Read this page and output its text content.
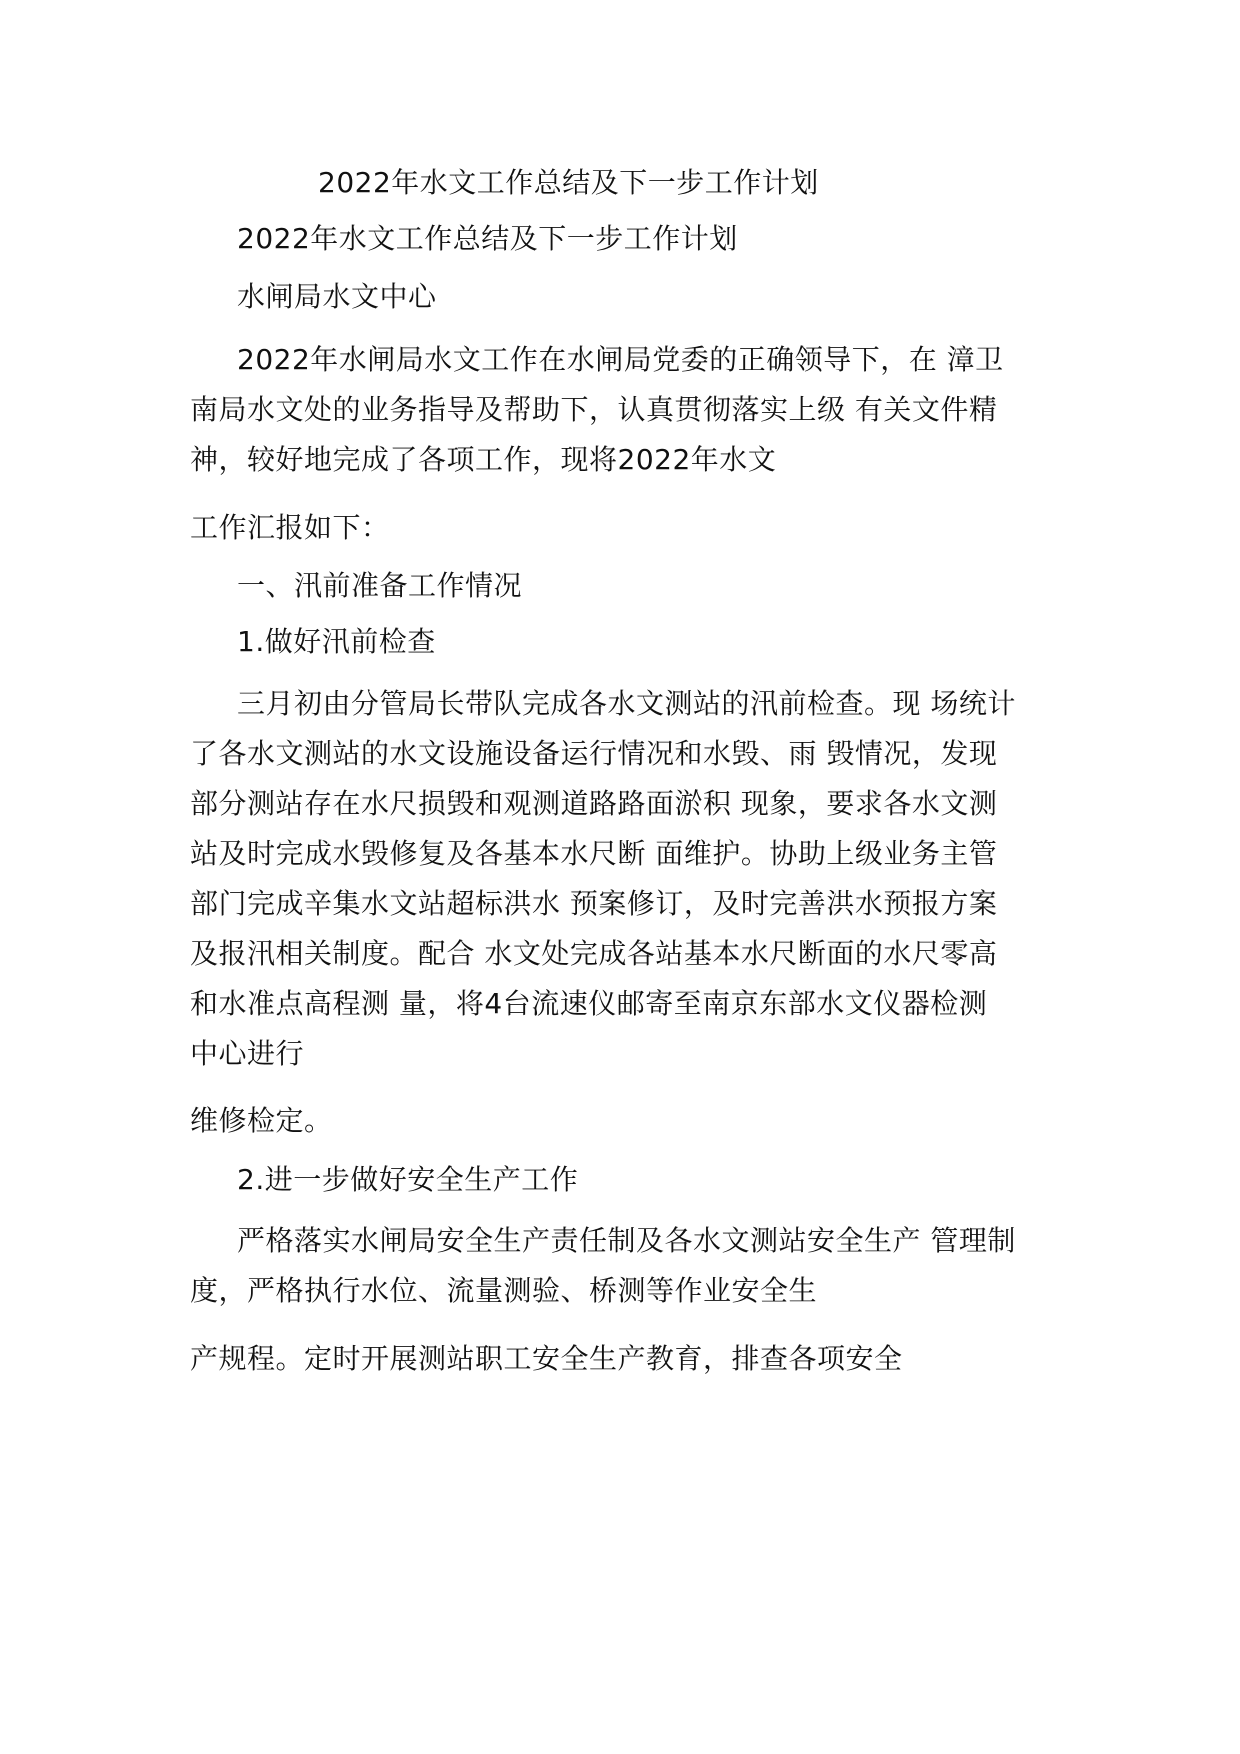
2022年水文工作总结及下一步工作计划
2022年水文工作总结及下一步工作计划
水闸局水文中心
2022年水闸局水文工作在水闸局党委的正确领导下，在 漳卫
南局水文处的业务指导及帮助下，认真贯彻落实上级 有关文件精
神，较好地完成了各项工作，现将2022年水文
工作汇报如下：
一、汛前准备工作情况
1.做好汛前检查
三月初由分管局长带队完成各水文测站的汛前检查。现 场统计
了各水文测站的水文设施设备运行情况和水毁、雨 毁情况，发现
部分测站存在水尺损毁和观测道路路面淤积 现象，要求各水文测
站及时完成水毁修复及各基本水尺断 面维护。协助上级业务主管
部门完成辛集水文站超标洪水 预案修订，及时完善洪水预报方案
及报汛相关制度。配合 水文处完成各站基本水尺断面的水尺零高
和水准点高程测 量，将4台流速仪邮寄至南京东部水文仪器检测
中心进行
维修检定。
2.进一步做好安全生产工作
严格落实水闸局安全生产责任制及各水文测站安全生产 管理制
度，严格执行水位、流量测验、桥测等作业安全生
产规程。定时开展测站职工安全生产教育，排查各项安全
